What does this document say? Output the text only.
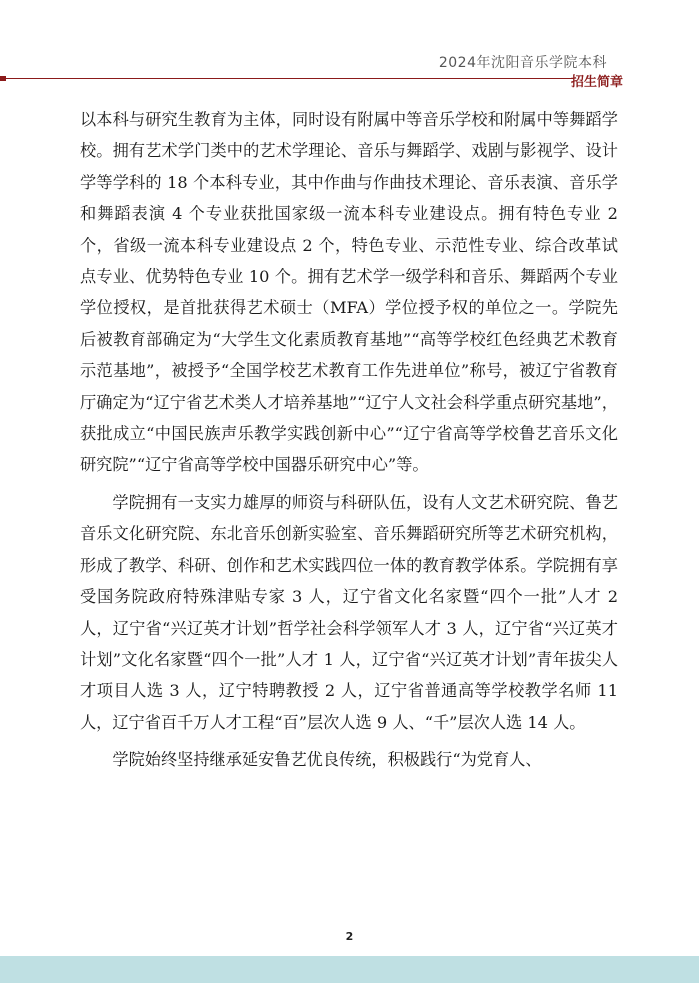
2024年沈阳音乐学院本科
招生简章

以本科与研究生教育为主体，同时设有附属中等音乐学校和附属中等舞蹈学校。拥有艺术学门类中的艺术学理论、音乐与舞蹈学、戏剧与影视学、设计学等学科的 18 个本科专业，其中作曲与作曲技术理论、音乐表演、音乐学和舞蹈表演 4 个专业获批国家级一流本科专业建设点。拥有特色专业 2 个，省级一流本科专业建设点 2 个，特色专业、示范性专业、综合改革试点专业、优势特色专业 10 个。拥有艺术学一级学科和音乐、舞蹈两个专业学位授权，是首批获得艺术硕士（MFA）学位授予权的单位之一。学院先后被教育部确定为“大学生文化素质教育基地”“高等学校红色经典艺术教育示范基地”，被授予“全国学校艺术教育工作先进单位”称号，被辽宁省教育厅确定为“辽宁省艺术类人才培养基地”“辽宁人文社会科学重点研究基地”，获批成立“中国民族声乐教学实践创新中心”“辽宁省高等学校鲁艺音乐文化研究院”“辽宁省高等学校中国器乐研究中心”等。

学院拥有一支实力雄厚的师资与科研队伍，设有人文艺术研究院、鲁艺音乐文化研究院、东北音乐创新实验室、音乐舞蹈研究所等艺术研究机构，形成了教学、科研、创作和艺术实践四位一体的教育教学体系。学院拥有享受国务院政府特殊津贴专家 3 人，辽宁省文化名家暨“四个一批”人才 2 人，辽宁省“兴辽英才计划”哲学社会科学领军人才 3 人，辽宁省“兴辽英才计划”文化名家暨“四个一批”人才 1 人，辽宁省“兴辽英才计划”青年拔尖人才项目人选 3 人，辽宁特聘教授 2 人，辽宁省普通高等学校教学名师 11 人，辽宁省百千万人才工程“百”层次人选 9 人、“千”层次人选 14 人。

学院始终坚持继承延安鲁艺优良传统，积极践行“为党育人、

2
